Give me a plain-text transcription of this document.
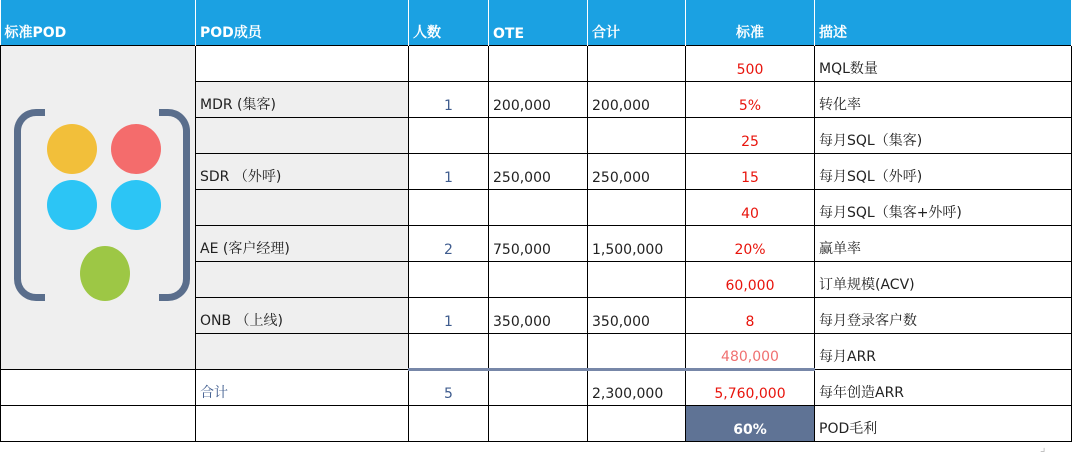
标准POD	POD成员	人数	OTE	合计	标准	描述

					500	MQL数量
	MDR (集客)	1	200,000	200,000	5%	转化率
					25	每月SQL（集客)
	SDR （外呼)	1	250,000	250,000	15	每月SQL（外呼)
					40	每月SQL（集客+外呼)
	AE (客户经理)	2	750,000	1,500,000	20%	赢单率
					60,000	订单规模(ACV)
	ONB （上线)	1	350,000	350,000	8	每月登录客户数
					480,000	每月ARR
	合计	5		2,300,000	5,760,000	每年创造ARR
					60%	POD毛利
⌟
